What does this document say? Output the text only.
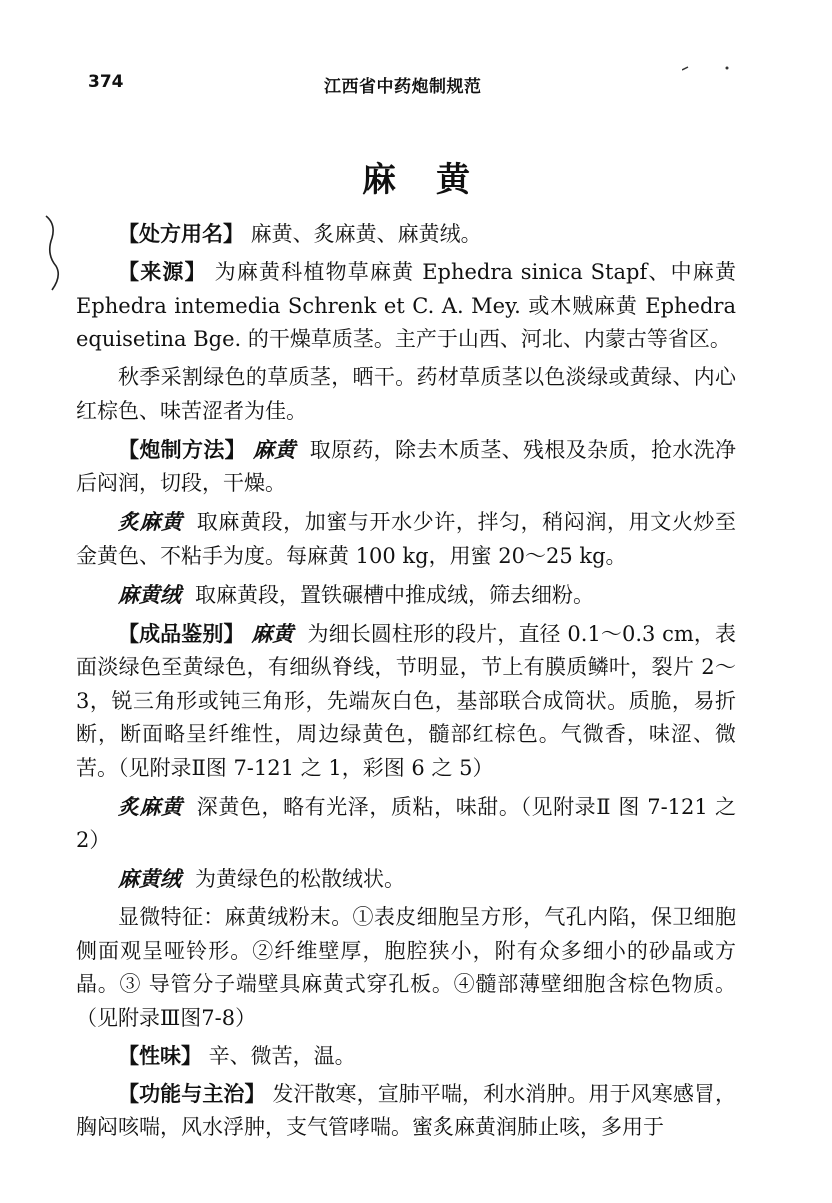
374	江西省中药炮制规范
麻黄

【处方用名】 麻黄、炙麻黄、麻黄绒。

【来源】 为麻黄科植物草麻黄 Ephedra sinica Stapf、中麻黄 Ephedra intemedia Schrenk et C. A. Mey. 或木贼麻黄 Ephedra equisetina Bge. 的干燥草质茎。主产于山西、河北、内蒙古等省区。

秋季采割绿色的草质茎，晒干。药材草质茎以色淡绿或黄绿、内心红棕色、味苦涩者为佳。

【炮制方法】 麻黄 取原药，除去木质茎、残根及杂质，抢水洗净后闷润，切段，干燥。

炙麻黄 取麻黄段，加蜜与开水少许，拌匀，稍闷润，用文火炒至金黄色、不粘手为度。每麻黄 100 kg，用蜜 20～25 kg。

麻黄绒 取麻黄段，置铁碾槽中推成绒，筛去细粉。

【成品鉴别】 麻黄 为细长圆柱形的段片，直径 0.1～0.3 cm，表面淡绿色至黄绿色，有细纵脊线，节明显，节上有膜质鳞叶，裂片 2～3，锐三角形或钝三角形，先端灰白色，基部联合成筒状。质脆，易折断，断面略呈纤维性，周边绿黄色，髓部红棕色。气微香，味涩、微苦。（见附录Ⅱ图 7-121 之 1，彩图 6 之 5）

炙麻黄 深黄色，略有光泽，质粘，味甜。（见附录Ⅱ 图 7-121 之 2）

麻黄绒 为黄绿色的松散绒状。

显微特征：麻黄绒粉末。①表皮细胞呈方形，气孔内陷，保卫细胞侧面观呈哑铃形。②纤维壁厚，胞腔狭小，附有众多细小的砂晶或方晶。③ 导管分子端壁具麻黄式穿孔板。④髓部薄壁细胞含棕色物质。（见附录Ⅲ图7-8）

【性味】 辛、微苦，温。

【功能与主治】 发汗散寒，宣肺平喘，利水消肿。用于风寒感冒，胸闷咳喘，风水浮肿，支气管哮喘。蜜炙麻黄润肺止咳，多用于
